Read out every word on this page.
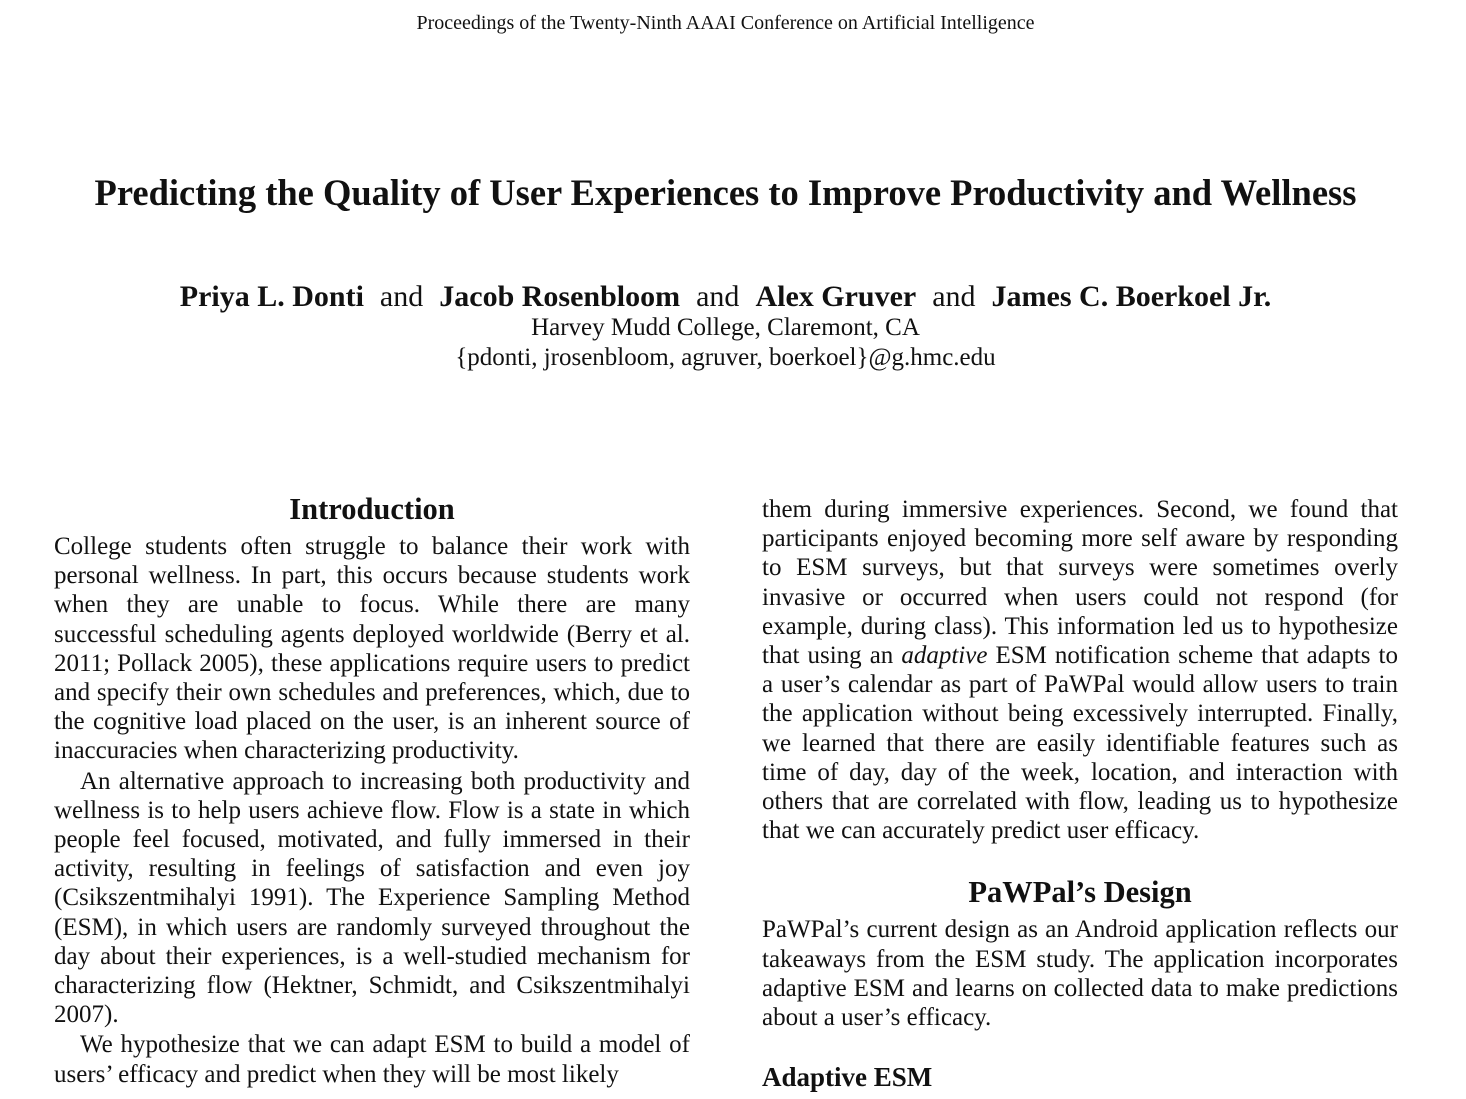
Proceedings of the Twenty-Ninth AAAI Conference on Artificial Intelligence
Predicting the Quality of User Experiences to Improve Productivity and Wellness
Priya L. Donti and Jacob Rosenbloom and Alex Gruver and James C. Boerkoel Jr.
Harvey Mudd College, Claremont, CA
{pdonti, jrosenbloom, agruver, boerkoel}@g.hmc.edu
Introduction

College students often struggle to balance their work with personal wellness. In part, this occurs because students work when they are unable to focus. While there are many successful scheduling agents deployed worldwide (Berry et al. 2011; Pollack 2005), these applications require users to predict and specify their own schedules and preferences, which, due to the cognitive load placed on the user, is an inherent source of inaccuracies when characterizing productivity.

An alternative approach to increasing both productivity and wellness is to help users achieve flow. Flow is a state in which people feel focused, motivated, and fully immersed in their activity, resulting in feelings of satisfaction and even joy (Csikszentmihalyi 1991). The Experience Sampling Method (ESM), in which users are randomly surveyed throughout the day about their experiences, is a well-studied mechanism for characterizing flow (Hektner, Schmidt, and Csikszentmihalyi 2007).

We hypothesize that we can adapt ESM to build a model of users’ efficacy and predict when they will be most likely

them during immersive experiences. Second, we found that participants enjoyed becoming more self aware by responding to ESM surveys, but that surveys were sometimes overly invasive or occurred when users could not respond (for example, during class). This information led us to hypothesize that using an adaptive ESM notification scheme that adapts to a user’s calendar as part of PaWPal would allow users to train the application without being excessively interrupted. Finally, we learned that there are easily identifiable features such as time of day, day of the week, location, and interaction with others that are correlated with flow, leading us to hypothesize that we can accurately predict user efficacy.

PaWPal’s Design

PaWPal’s current design as an Android application reflects our takeaways from the ESM study. The application incorporates adaptive ESM and learns on collected data to make predictions about a user’s efficacy.

Adaptive ESM
